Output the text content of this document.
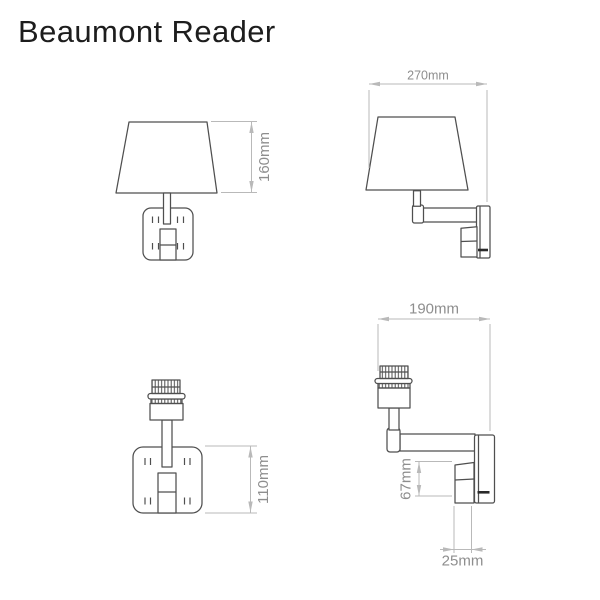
Beaumont Reader
160mm
270mm
110mm
190mm
67mm
25mm
